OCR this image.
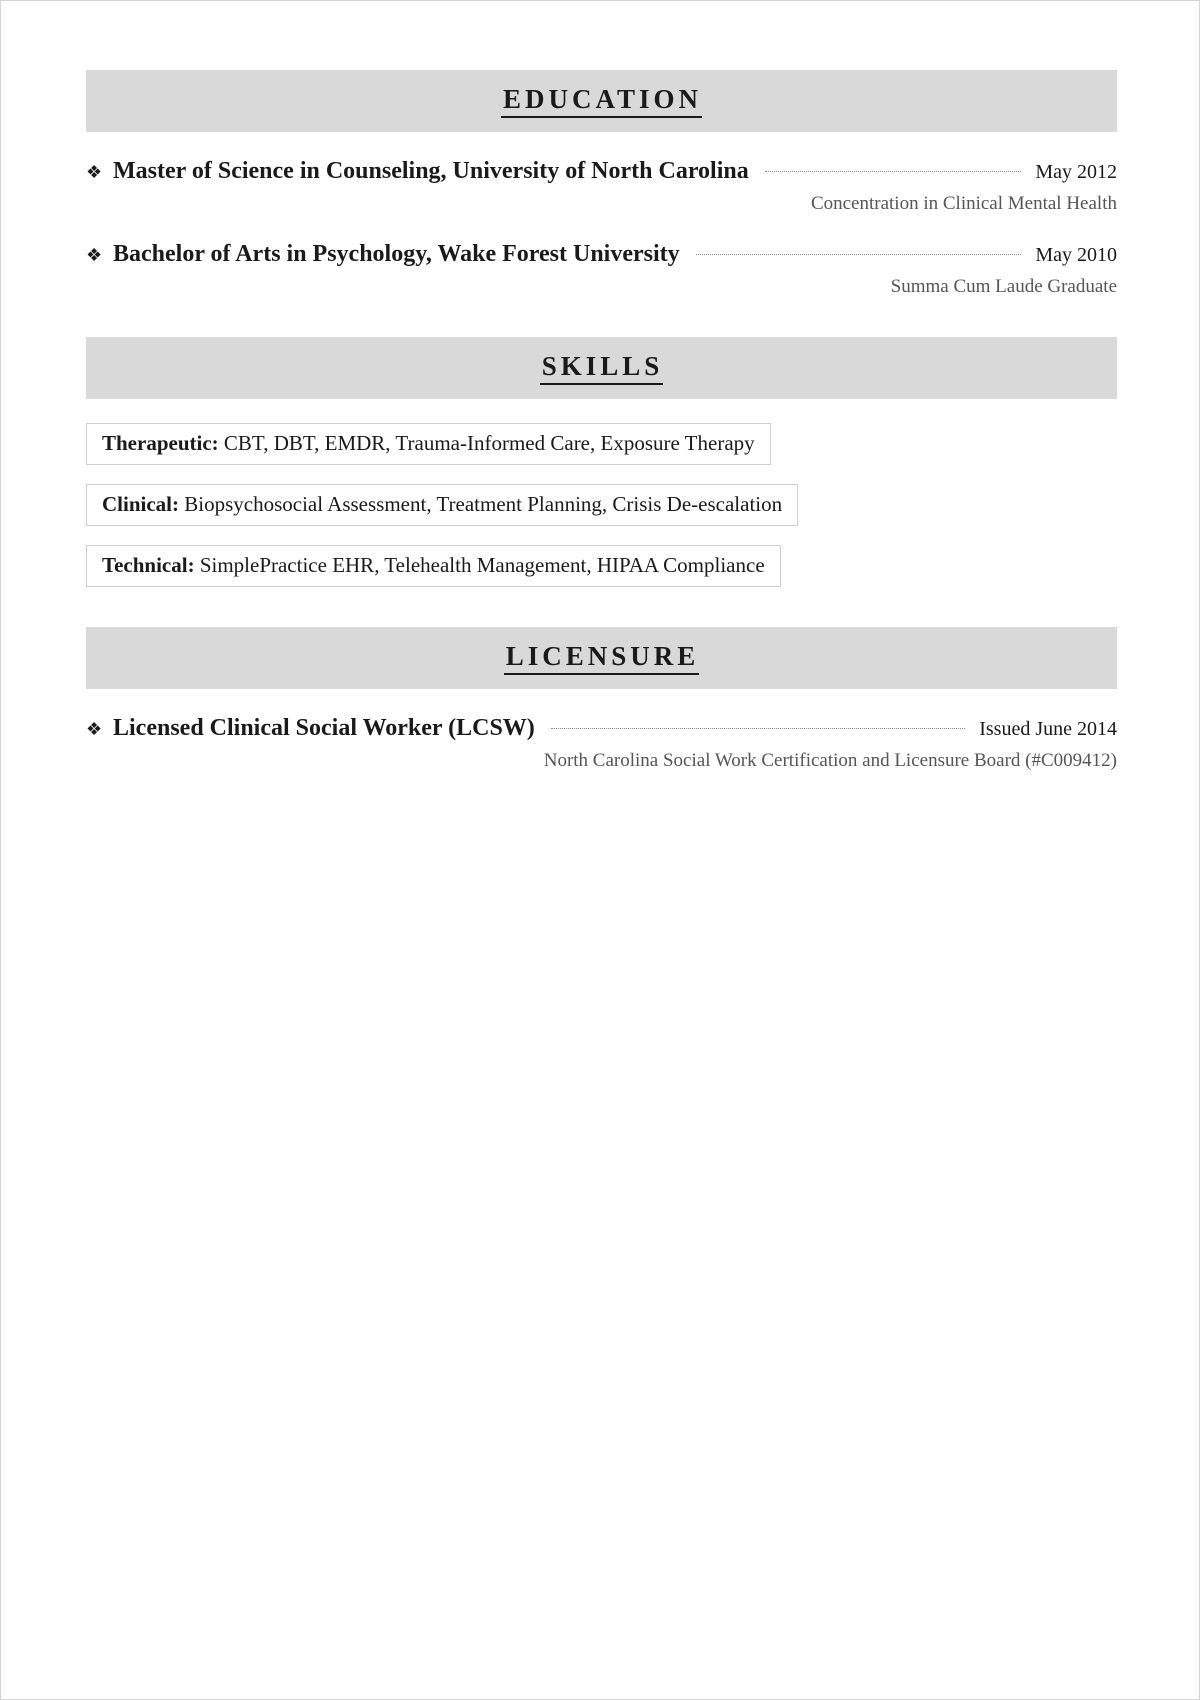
EDUCATION
❖ Master of Science in Counseling, University of North Carolina	May 2012
Concentration in Clinical Mental Health
❖ Bachelor of Arts in Psychology, Wake Forest University	May 2010
Summa Cum Laude Graduate
SKILLS
Therapeutic: CBT, DBT, EMDR, Trauma-Informed Care, Exposure Therapy
Clinical: Biopsychosocial Assessment, Treatment Planning, Crisis De-escalation
Technical: SimplePractice EHR, Telehealth Management, HIPAA Compliance
LICENSURE
❖ Licensed Clinical Social Worker (LCSW)	Issued June 2014
North Carolina Social Work Certification and Licensure Board (#C009412)
